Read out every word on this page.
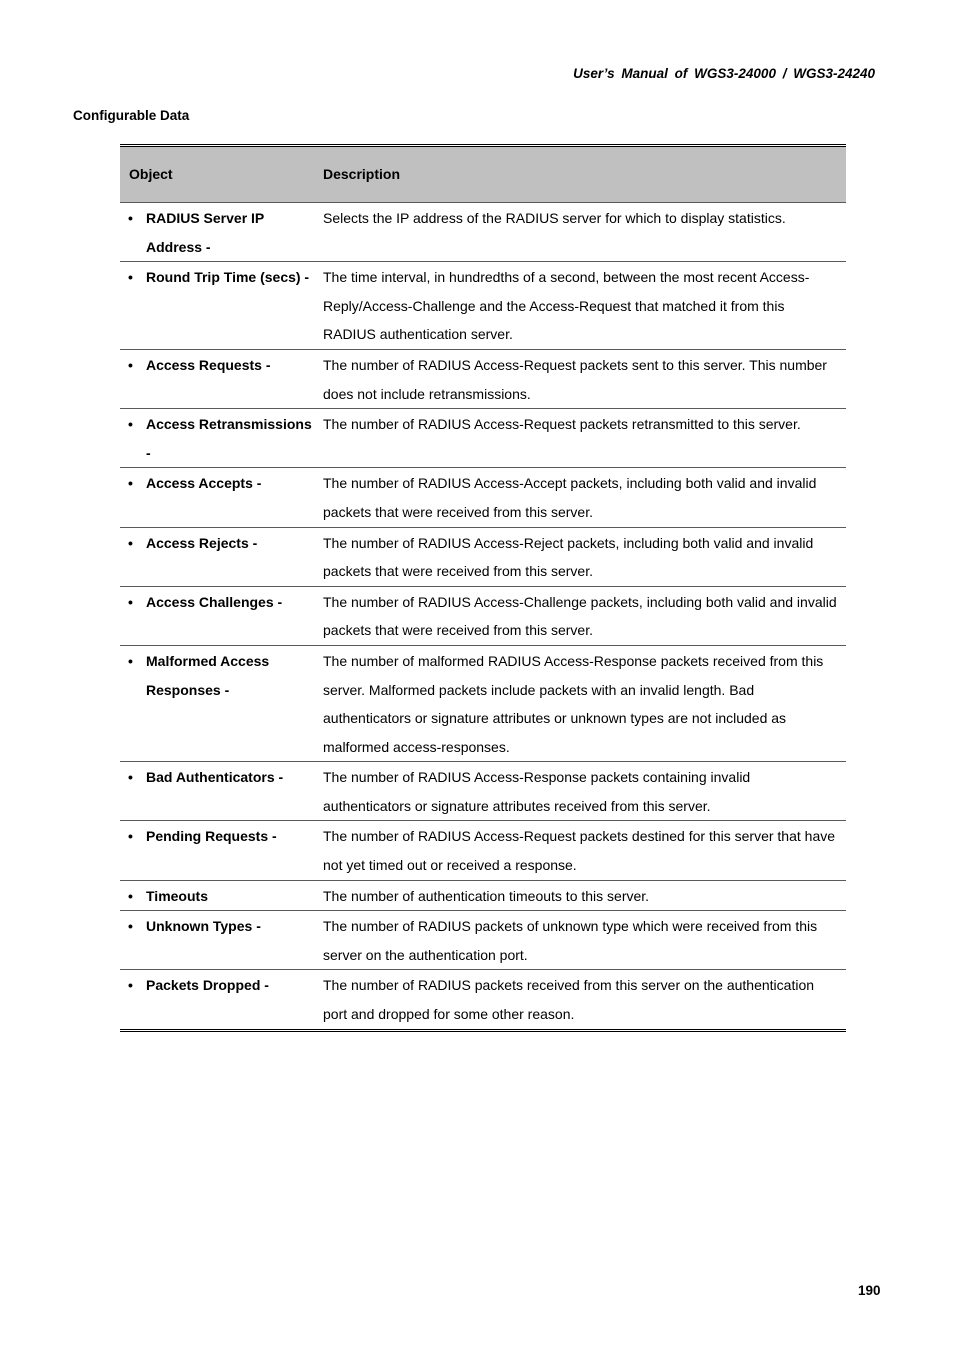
User’s Manual of WGS3-24000 / WGS3-24240
Configurable Data
Object	Description

• RADIUS Server IP Address -	Selects the IP address of the RADIUS server for which to display statistics.

• Round Trip Time (secs) -	The time interval, in hundredths of a second, between the most recent Access-Reply/Access-Challenge and the Access-Request that matched it from this RADIUS authentication server.

• Access Requests -	The number of RADIUS Access-Request packets sent to this server. This number does not include retransmissions.

• Access Retransmissions -	The number of RADIUS Access-Request packets retransmitted to this server.

• Access Accepts -	The number of RADIUS Access-Accept packets, including both valid and invalid packets that were received from this server.

• Access Rejects -	The number of RADIUS Access-Reject packets, including both valid and invalid packets that were received from this server.

• Access Challenges -	The number of RADIUS Access-Challenge packets, including both valid and invalid packets that were received from this server.

• Malformed Access Responses -	The number of malformed RADIUS Access-Response packets received from this server. Malformed packets include packets with an invalid length. Bad authenticators or signature attributes or unknown types are not included as malformed access-responses.

• Bad Authenticators -	The number of RADIUS Access-Response packets containing invalid authenticators or signature attributes received from this server.

• Pending Requests -	The number of RADIUS Access-Request packets destined for this server that have not yet timed out or received a response.

• Timeouts	The number of authentication timeouts to this server.

• Unknown Types -	The number of RADIUS packets of unknown type which were received from this server on the authentication port.

• Packets Dropped -	The number of RADIUS packets received from this server on the authentication port and dropped for some other reason.
190
